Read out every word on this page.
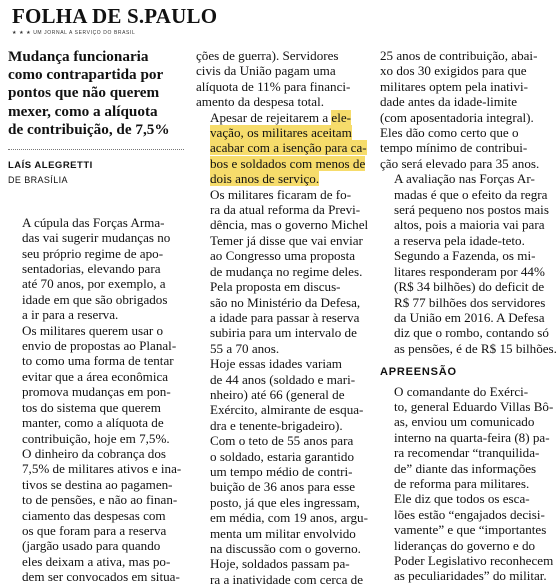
FOLHA DE S.PAULO
★ ★ ★ UM JORNAL A SERVIÇO DO BRASIL
Mudança funcionaria
como contrapartida por
pontos que não querem
mexer, como a alíquota
de contribuição, de 7,5%
LAÍS ALEGRETTI
DE BRASÍLIA

A cúpula das Forças Arma-
das vai sugerir mudanças no
seu próprio regime de apo-
sentadorias, elevando para
até 70 anos, por exemplo, a
idade em que são obrigados
a ir para a reserva.

Os militares querem usar o
envio de propostas ao Planal-
to como uma forma de tentar
evitar que a área econômica
promova mudanças em pon-
tos do sistema que querem
manter, como a alíquota de
contribuição, hoje em 7,5%.

O dinheiro da cobrança dos
7,5% de militares ativos e ina-
tivos se destina ao pagamen-
to de pensões, e não ao finan-
ciamento das despesas com
os que foram para a reserva
(jargão usado para quando
eles deixam a ativa, mas po-
dem ser convocados em situa-

ções de guerra). Servidores
civis da União pagam uma
alíquota de 11% para financi-
amento da despesa total.

Apesar de rejeitarem a ele-
vação, os militares aceitam
acabar com a isenção para ca-
bos e soldados com menos de
dois anos de serviço.

Os militares ficaram de fo-
ra da atual reforma da Previ-
dência, mas o governo Michel
Temer já disse que vai enviar
ao Congresso uma proposta
de mudança no regime deles.

Pela proposta em discus-
são no Ministério da Defesa,
a idade para passar à reserva
subiria para um intervalo de
55 a 70 anos.

Hoje essas idades variam
de 44 anos (soldado e mari-
nheiro) até 66 (general de
Exército, almirante de esqua-
dra e tenente-brigadeiro).

Com o teto de 55 anos para
o soldado, estaria garantido
um tempo médio de contri-
buição de 36 anos para esse
posto, já que eles ingressam,
em média, com 19 anos, argu-
menta um militar envolvido
na discussão com o governo.

Hoje, soldados passam pa-
ra a inatividade com cerca de

25 anos de contribuição, abai-
xo dos 30 exigidos para que
militares optem pela inativi-
dade antes da idade-limite
(com aposentadoria integral).
Eles dão como certo que o
tempo mínimo de contribui-
ção será elevado para 35 anos.

A avaliação nas Forças Ar-
madas é que o efeito da regra
será pequeno nos postos mais
altos, pois a maioria vai para
a reserva pela idade-teto.

Segundo a Fazenda, os mi-
litares responderam por 44%
(R$ 34 bilhões) do deficit de
R$ 77 bilhões dos servidores
da União em 2016. A Defesa
diz que o rombo, contando só
as pensões, é de R$ 15 bilhões.

APREENSÃO

O comandante do Exérci-
to, general Eduardo Villas Bô-
as, enviou um comunicado
interno na quarta-feira (8) pa-
ra recomendar “tranquilida-
de” diante das informações
de reforma para militares.

Ele diz que todos os esca-
lões estão “engajados decisi-
vamente” e que “importantes
lideranças do governo e do
Poder Legislativo reconhecem
as peculiaridades” do militar.
